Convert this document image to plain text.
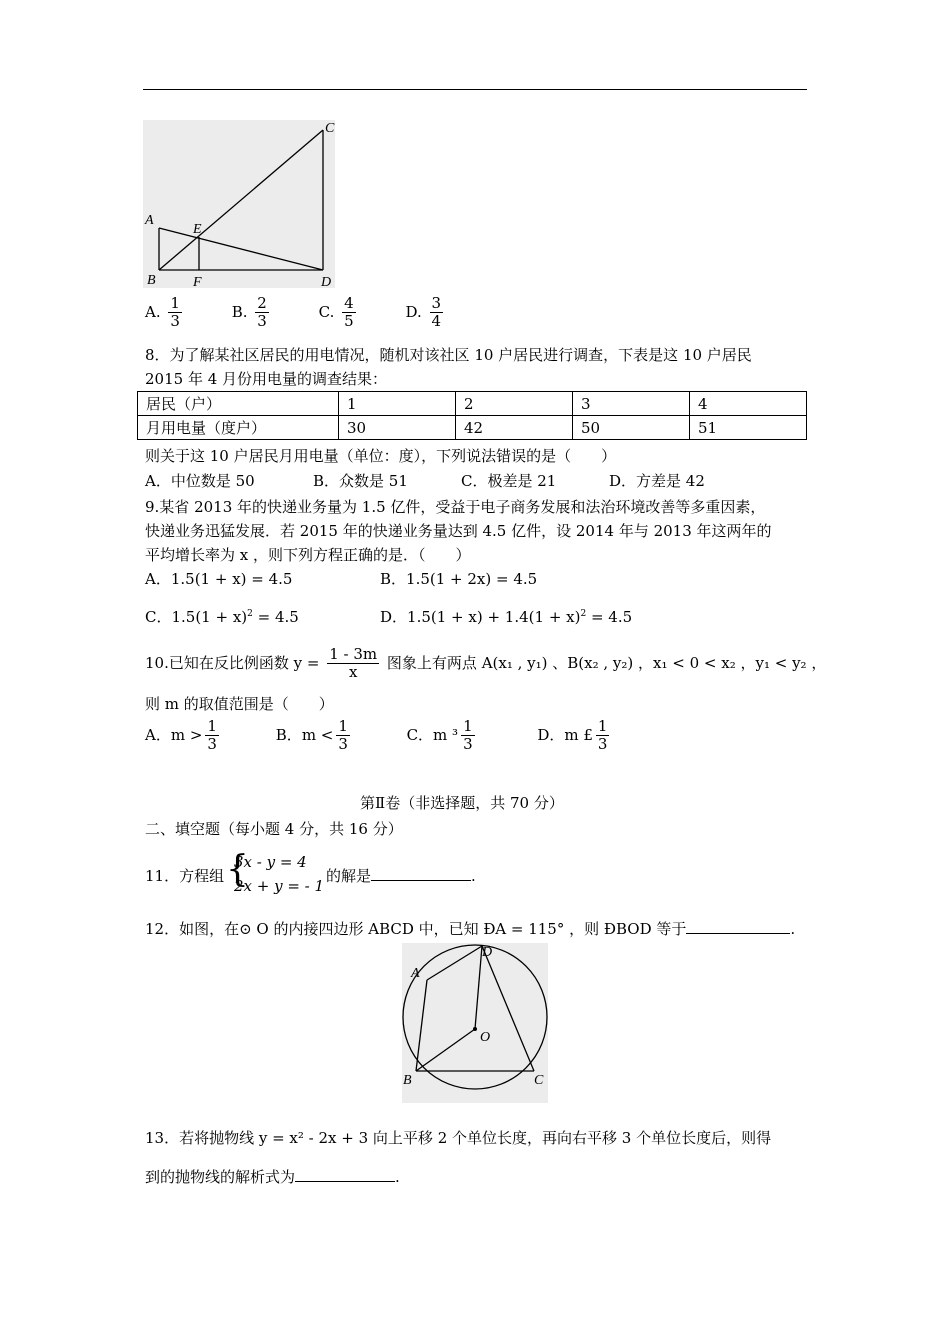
A
B
C
D
E
F
A. $\frac{1}{3}$	B. $\frac{2}{3}$	C. $\frac{4}{5}$	D. $\frac{3}{4}$
8．为了解某社区居民的用电情况，随机对该社区 10 户居民进行调查，下表是这 10 户居民
2015 年 4 月份用电量的调查结果：
居民（户）	1	2	3	4
月用电量（度户）	30	42	50	51
则关于这 10 户居民月用电量（单位：度），下列说法错误的是（　　）
A．中位数是 50	B．众数是 51	C．极差是 21	D．方差是 42
9.某省 2013 年的快递业务量为 1.5 亿件，受益于电子商务发展和法治环境改善等多重因素，
快递业务迅猛发展．若 2015 年的快递业务量达到 4.5 亿件，设 2014 年与 2013 年这两年的
平均增长率为 x ，则下列方程正确的是．（　　）
A．1.5(1 + x) = 4.5	B．1.5(1 + 2x) = 4.5
C．$1.5(1 + x)^2 = 4.5$	D．$1.5(1 + x) + 1.4(1 + x)^2 = 4.5$
10.已知在反比例函数 $y = \frac{1 - 3m}{x}$ 图象上有两点 A(x₁ , y₁) 、B(x₂ , y₂) ，x₁ < 0 < x₂ ，y₁ < y₂ ，
则 m 的取值范围是（　　）
A．$m > \frac{1}{3}$	B．$m < \frac{1}{3}$	C．m $^3 \frac{1}{3}$	D．m £ $\frac{1}{3}$
第Ⅱ卷（非选择题，共 70 分）
二、填空题（每小题 4 分，共 16 分）
11．方程组 {
3x - y = 4
2x + y = - 1
的解是	.
12．如图，在⊙ O 的内接四边形 ABCD 中，已知 ÐA = 115° ，则 ÐBOD 等于	.
A
B	C
D
O
13．若将抛物线 y = x² - 2x + 3 向上平移 2 个单位长度，再向右平移 3 个单位长度后，则得
到的抛物线的解析式为	.
